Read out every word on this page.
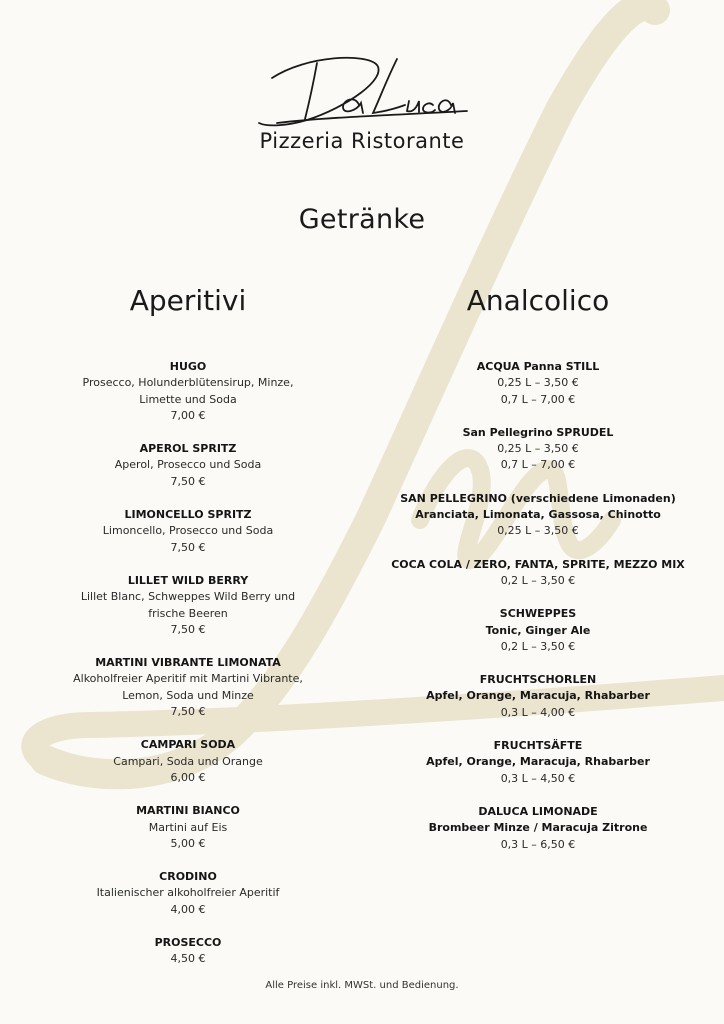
Pizzeria Ristorante
Getränke
Aperitivi
HUGO
Prosecco, Holunderblütensirup, Minze,
Limette und Soda
7,00 €
APEROL SPRITZ
Aperol, Prosecco und Soda
7,50 €
LIMONCELLO SPRITZ
Limoncello, Prosecco und Soda
7,50 €
LILLET WILD BERRY
Lillet Blanc, Schweppes Wild Berry und
frische Beeren
7,50 €
MARTINI VIBRANTE LIMONATA
Alkoholfreier Aperitif mit Martini Vibrante,
Lemon, Soda und Minze
7,50 €
CAMPARI SODA
Campari, Soda und Orange
6,00 €
MARTINI BIANCO
Martini auf Eis
5,00 €
CRODINO
Italienischer alkoholfreier Aperitif
4,00 €
PROSECCO
4,50 €
Analcolico
ACQUA Panna STILL
0,25 L – 3,50 €
0,7 L – 7,00 €
San Pellegrino SPRUDEL
0,25 L – 3,50 €
0,7 L – 7,00 €
SAN PELLEGRINO (verschiedene Limonaden)
Aranciata, Limonata, Gassosa, Chinotto
0,25 L – 3,50 €
COCA COLA / ZERO, FANTA, SPRITE, MEZZO MIX
0,2 L – 3,50 €
SCHWEPPES
Tonic, Ginger Ale
0,2 L – 3,50 €
FRUCHTSCHORLEN
Apfel, Orange, Maracuja, Rhabarber
0,3 L – 4,00 €
FRUCHTSÄFTE
Apfel, Orange, Maracuja, Rhabarber
0,3 L – 4,50 €
DALUCA LIMONADE
Brombeer Minze / Maracuja Zitrone
0,3 L – 6,50 €
Alle Preise inkl. MWSt. und Bedienung.
